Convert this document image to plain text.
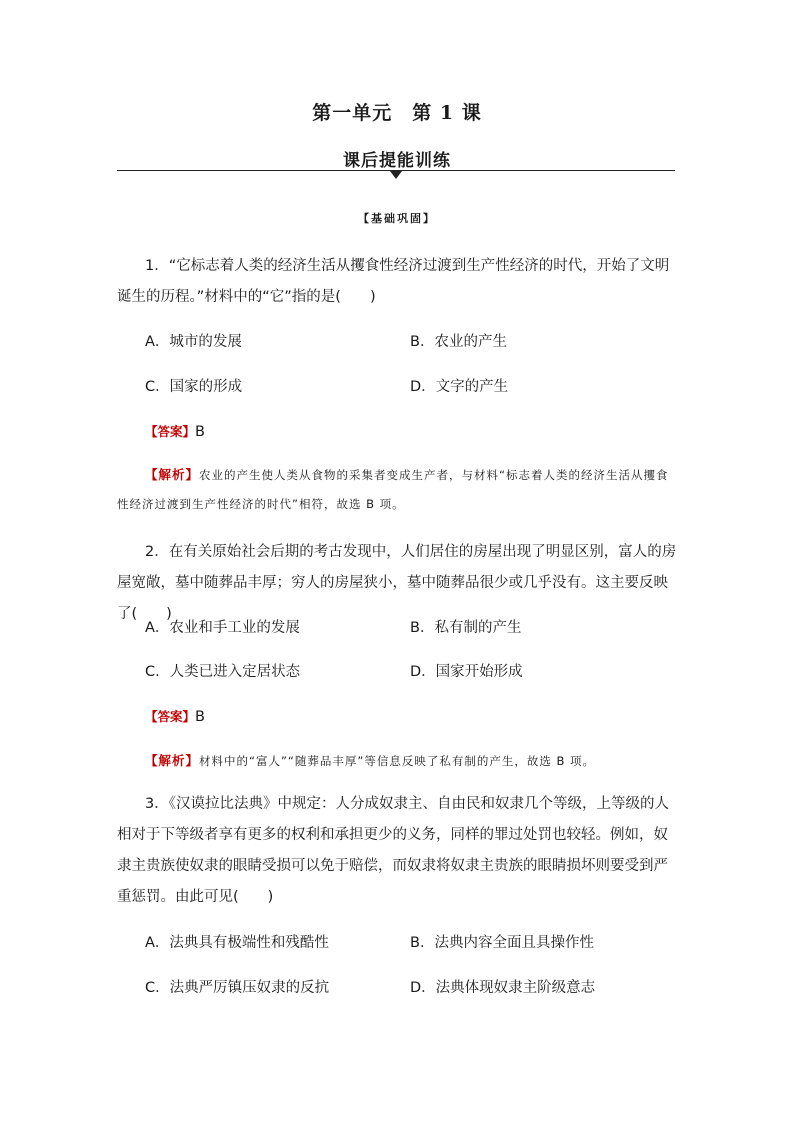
第一单元　第 1 课
课后提能训练
【基础巩固】

1．“它标志着人类的经济生活从攫食性经济过渡到生产性经济的时代，开始了文明诞生的历程。”材料中的“它”指的是(　　)

A．城市的发展	B．农业的产生
C．国家的形成	D．文字的产生
【答案】B

【解析】农业的产生使人类从食物的采集者变成生产者，与材料“标志着人类的经济生活从攫食性经济过渡到生产性经济的时代”相符，故选 B 项。

2．在有关原始社会后期的考古发现中，人们居住的房屋出现了明显区别，富人的房屋宽敞，墓中随葬品丰厚；穷人的房屋狭小，墓中随葬品很少或几乎没有。这主要反映了(　　)

A．农业和手工业的发展	B．私有制的产生
C．人类已进入定居状态	D．国家开始形成
【答案】B

【解析】材料中的“富人”“随葬品丰厚”等信息反映了私有制的产生，故选 B 项。

3．《汉谟拉比法典》中规定：人分成奴隶主、自由民和奴隶几个等级，上等级的人相对于下等级者享有更多的权利和承担更少的义务，同样的罪过处罚也较轻。例如，奴隶主贵族使奴隶的眼睛受损可以免于赔偿，而奴隶将奴隶主贵族的眼睛损坏则要受到严重惩罚。由此可见(　　)

A．法典具有极端性和残酷性	B．法典内容全面且具操作性
C．法典严厉镇压奴隶的反抗	D．法典体现奴隶主阶级意志
